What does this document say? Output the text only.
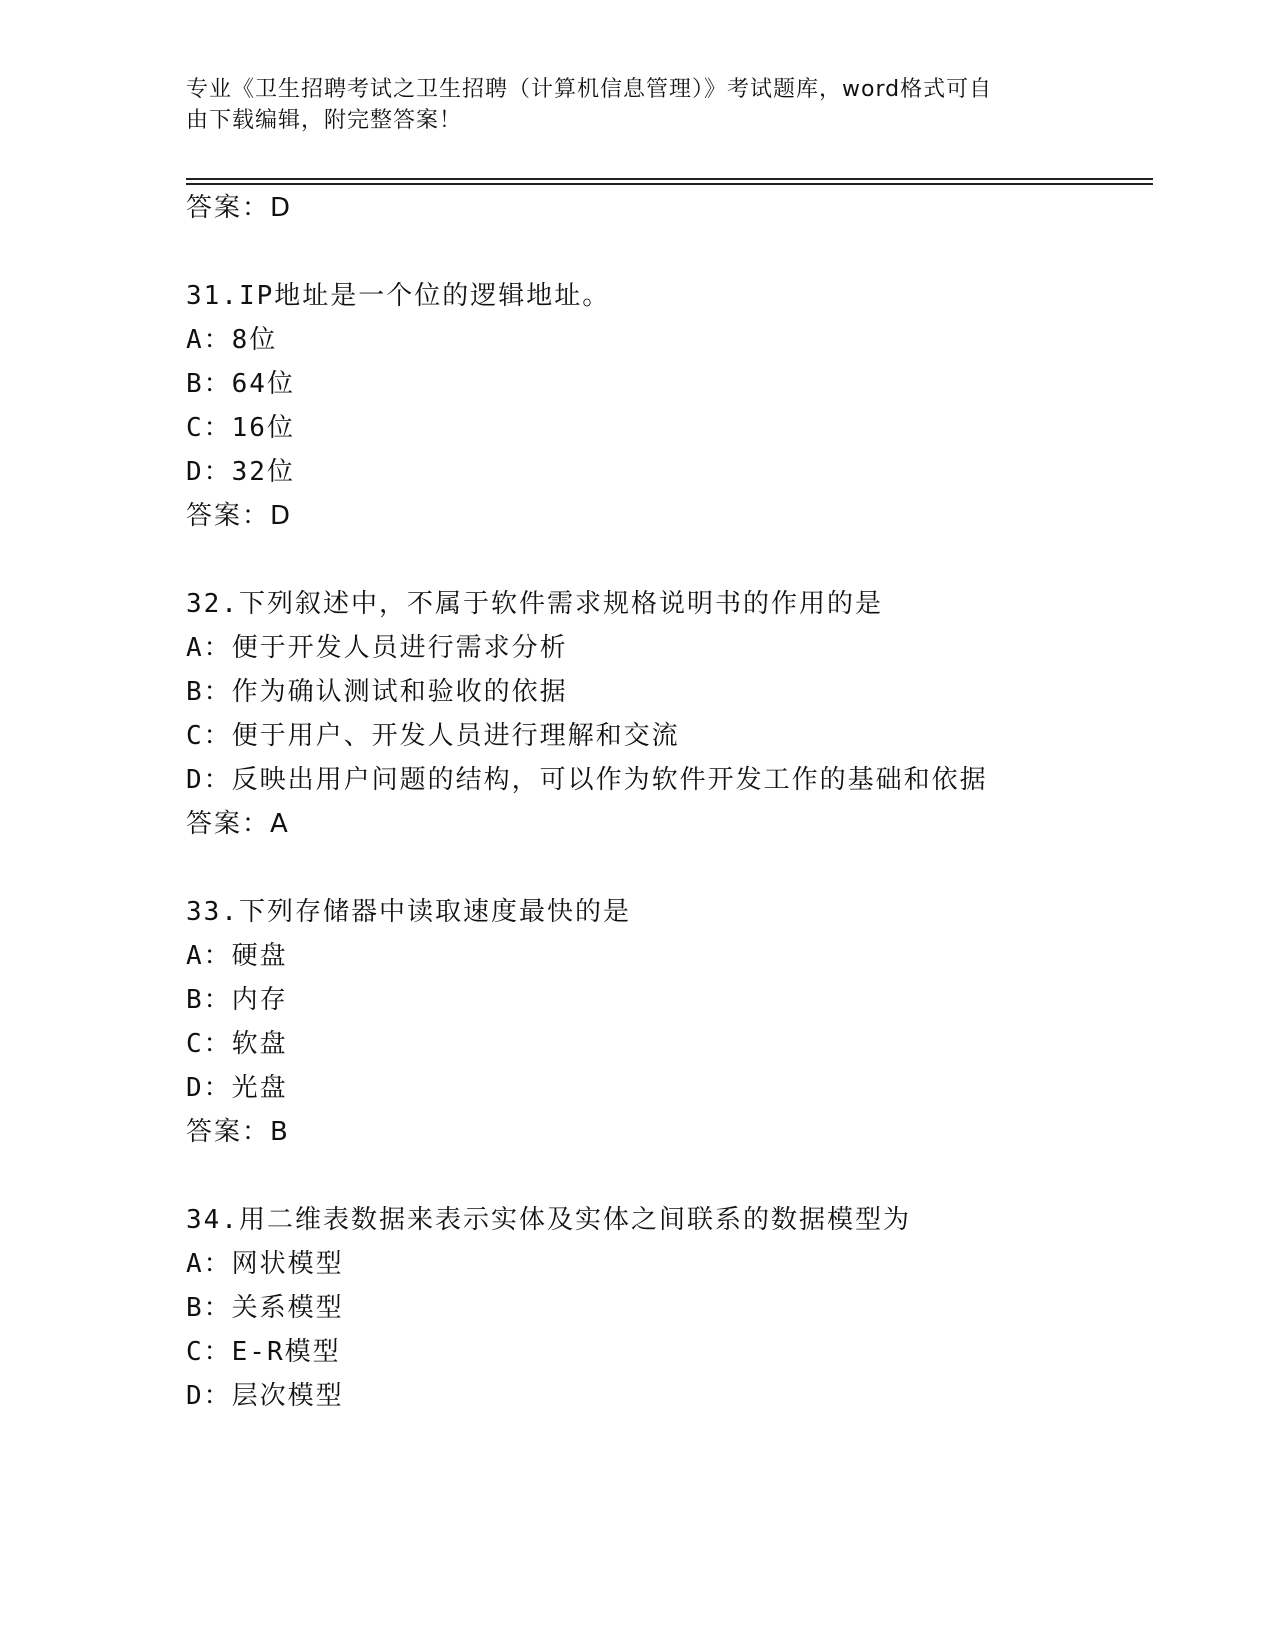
专业《卫生招聘考试之卫生招聘（计算机信息管理）》考试题库，word格式可自
由下载编辑，附完整答案！
答案：D
31.IP地址是一个位的逻辑地址。
A：8位
B：64位
C：16位
D：32位
答案：D
32.下列叙述中，不属于软件需求规格说明书的作用的是
A：便于开发人员进行需求分析
B：作为确认测试和验收的依据
C：便于用户、开发人员进行理解和交流
D：反映出用户问题的结构，可以作为软件开发工作的基础和依据
答案：A
33.下列存储器中读取速度最快的是
A：硬盘
B：内存
C：软盘
D：光盘
答案：B
34.用二维表数据来表示实体及实体之间联系的数据模型为
A：网状模型
B：关系模型
C：E-R模型
D：层次模型
